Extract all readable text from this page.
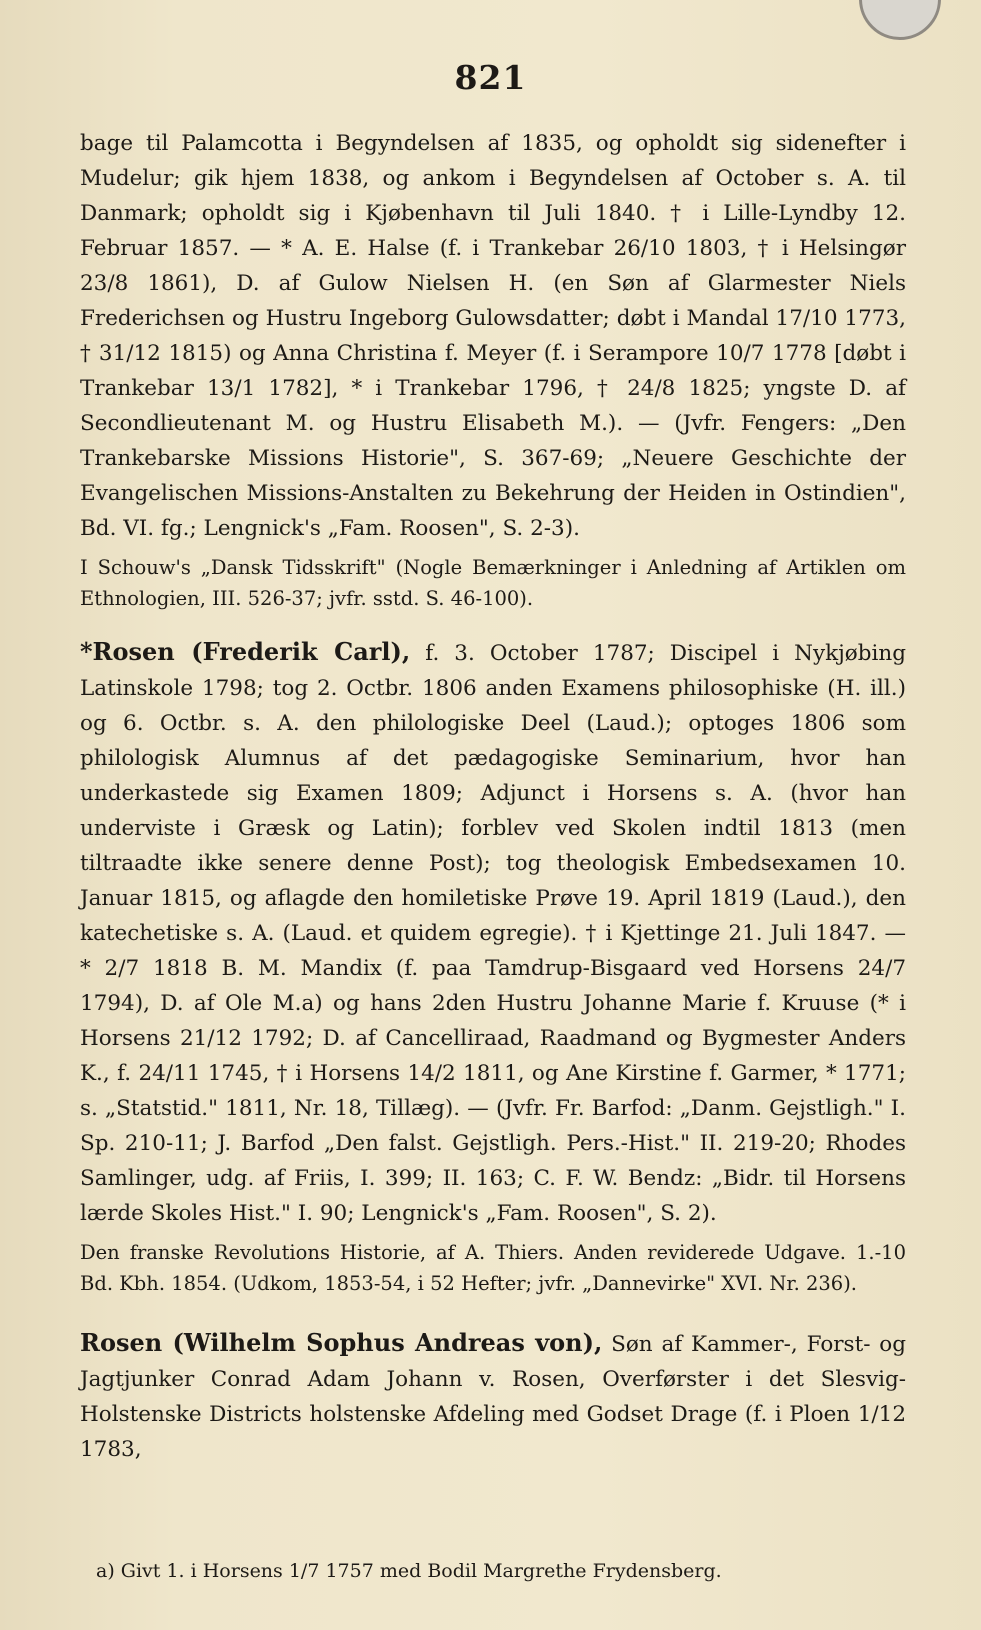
821

bage til Palamcotta i Begyndelsen af 1835, og opholdt sig sidenefter i Mudelur; gik hjem 1838, og ankom i Begyndelsen af October s. A. til Danmark; opholdt sig i Kjøbenhavn til Juli 1840. † i Lille-Lyndby 12. Februar 1857. — * A. E. Halse (f. i Trankebar 26/10 1803, † i Helsingør 23/8 1861), D. af Gulow Nielsen H. (en Søn af Glarmester Niels Frederichsen og Hustru Ingeborg Gulowsdatter; døbt i Mandal 17/10 1773, † 31/12 1815) og Anna Christina f. Meyer (f. i Serampore 10/7 1778 [døbt i Trankebar 13/1 1782], * i Trankebar 1796, † 24/8 1825; yngste D. af Secondlieutenant M. og Hustru Elisabeth M.). — (Jvfr. Fengers: „Den Trankebarske Missions Historie", S. 367-69; „Neuere Geschichte der Evangelischen Missions-Anstalten zu Bekehrung der Heiden in Ostindien", Bd. VI. fg.; Lengnick's „Fam. Roosen", S. 2-3).

I Schouw's „Dansk Tidsskrift" (Nogle Bemærkninger i Anledning af Artiklen om Ethnologien, III. 526-37; jvfr. sstd. S. 46-100).

*Rosen (Frederik Carl), f. 3. October 1787; Discipel i Nykjøbing Latinskole 1798; tog 2. Octbr. 1806 anden Examens philosophiske (H. ill.) og 6. Octbr. s. A. den philologiske Deel (Laud.); optoges 1806 som philologisk Alumnus af det pædagogiske Seminarium, hvor han underkastede sig Examen 1809; Adjunct i Horsens s. A. (hvor han underviste i Græsk og Latin); forblev ved Skolen indtil 1813 (men tiltraadte ikke senere denne Post); tog theologisk Embedsexamen 10. Januar 1815, og aflagde den homiletiske Prøve 19. April 1819 (Laud.), den katechetiske s. A. (Laud. et quidem egregie). † i Kjettinge 21. Juli 1847. — * 2/7 1818 B. M. Mandix (f. paa Tamdrup-Bisgaard ved Horsens 24/7 1794), D. af Ole M.a) og hans 2den Hustru Johanne Marie f. Kruuse (* i Horsens 21/12 1792; D. af Cancelliraad, Raadmand og Bygmester Anders K., f. 24/11 1745, † i Horsens 14/2 1811, og Ane Kirstine f. Garmer, * 1771; s. „Statstid." 1811, Nr. 18, Tillæg). — (Jvfr. Fr. Barfod: „Danm. Gejstligh." I. Sp. 210-11; J. Barfod „Den falst. Gejstligh. Pers.-Hist." II. 219-20; Rhodes Samlinger, udg. af Friis, I. 399; II. 163; C. F. W. Bendz: „Bidr. til Horsens lærde Skoles Hist." I. 90; Lengnick's „Fam. Roosen", S. 2).

Den franske Revolutions Historie, af A. Thiers. Anden reviderede Udgave. 1.-10 Bd. Kbh. 1854. (Udkom, 1853-54, i 52 Hefter; jvfr. „Dannevirke" XVI. Nr. 236).

Rosen (Wilhelm Sophus Andreas von), Søn af Kammer-, Forst- og Jagtjunker Conrad Adam Johann v. Rosen, Overførster i det Slesvig-Holstenske Districts holstenske Afdeling med Godset Drage (f. i Ploen 1/12 1783,

a) Givt 1. i Horsens 1/7 1757 med Bodil Margrethe Frydensberg.
